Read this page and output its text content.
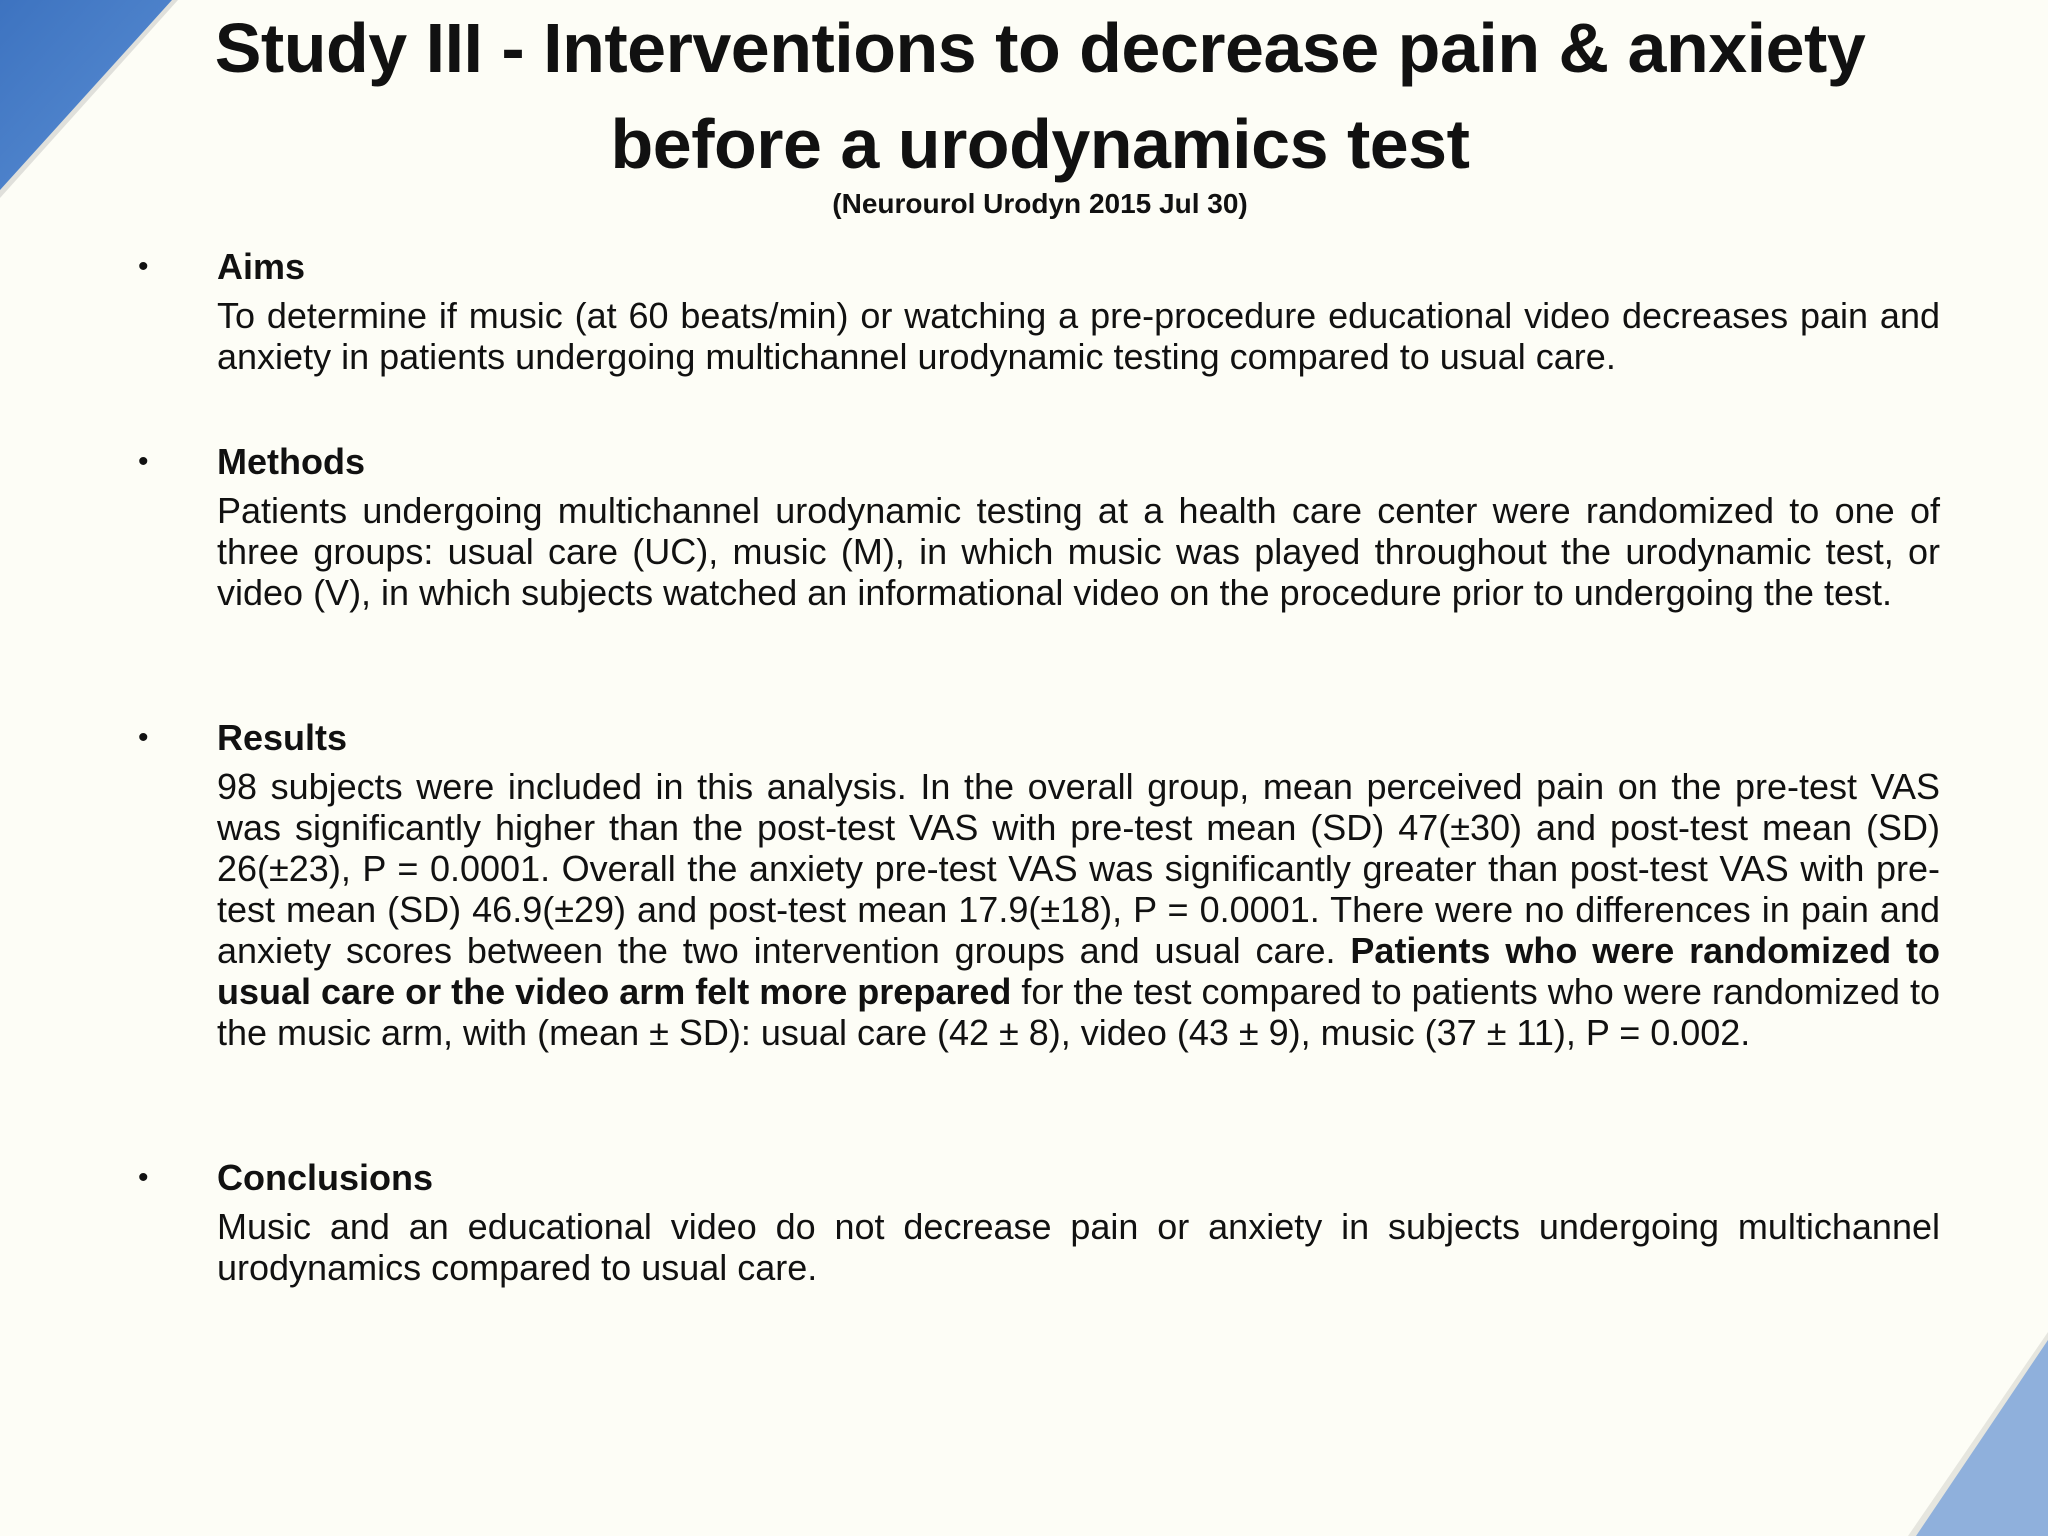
Study III - Interventions to decrease pain & anxiety before a urodynamics test
(Neurourol Urodyn 2015 Jul 30)
• Aims
To determine if music (at 60 beats/min) or watching a pre-procedure educational video decreases pain and anxiety in patients undergoing multichannel urodynamic testing compared to usual care.
• Methods
Patients undergoing multichannel urodynamic testing at a health care center were randomized to one of three groups: usual care (UC), music (M), in which music was played throughout the urodynamic test, or video (V), in which subjects watched an informational video on the procedure prior to undergoing the test.
• Results
98 subjects were included in this analysis. In the overall group, mean perceived pain on the pre-test VAS was significantly higher than the post-test VAS with pre-test mean (SD) 47(±30) and post-test mean (SD) 26(±23), P = 0.0001. Overall the anxiety pre-test VAS was significantly greater than post-test VAS with pre-test mean (SD) 46.9(±29) and post-test mean 17.9(±18), P = 0.0001. There were no differences in pain and anxiety scores between the two intervention groups and usual care. Patients who were randomized to usual care or the video arm felt more prepared for the test compared to patients who were randomized to the music arm, with (mean ± SD): usual care (42 ± 8), video (43 ± 9), music (37 ± 11), P = 0.002.
• Conclusions
Music and an educational video do not decrease pain or anxiety in subjects undergoing multichannel urodynamics compared to usual care.
